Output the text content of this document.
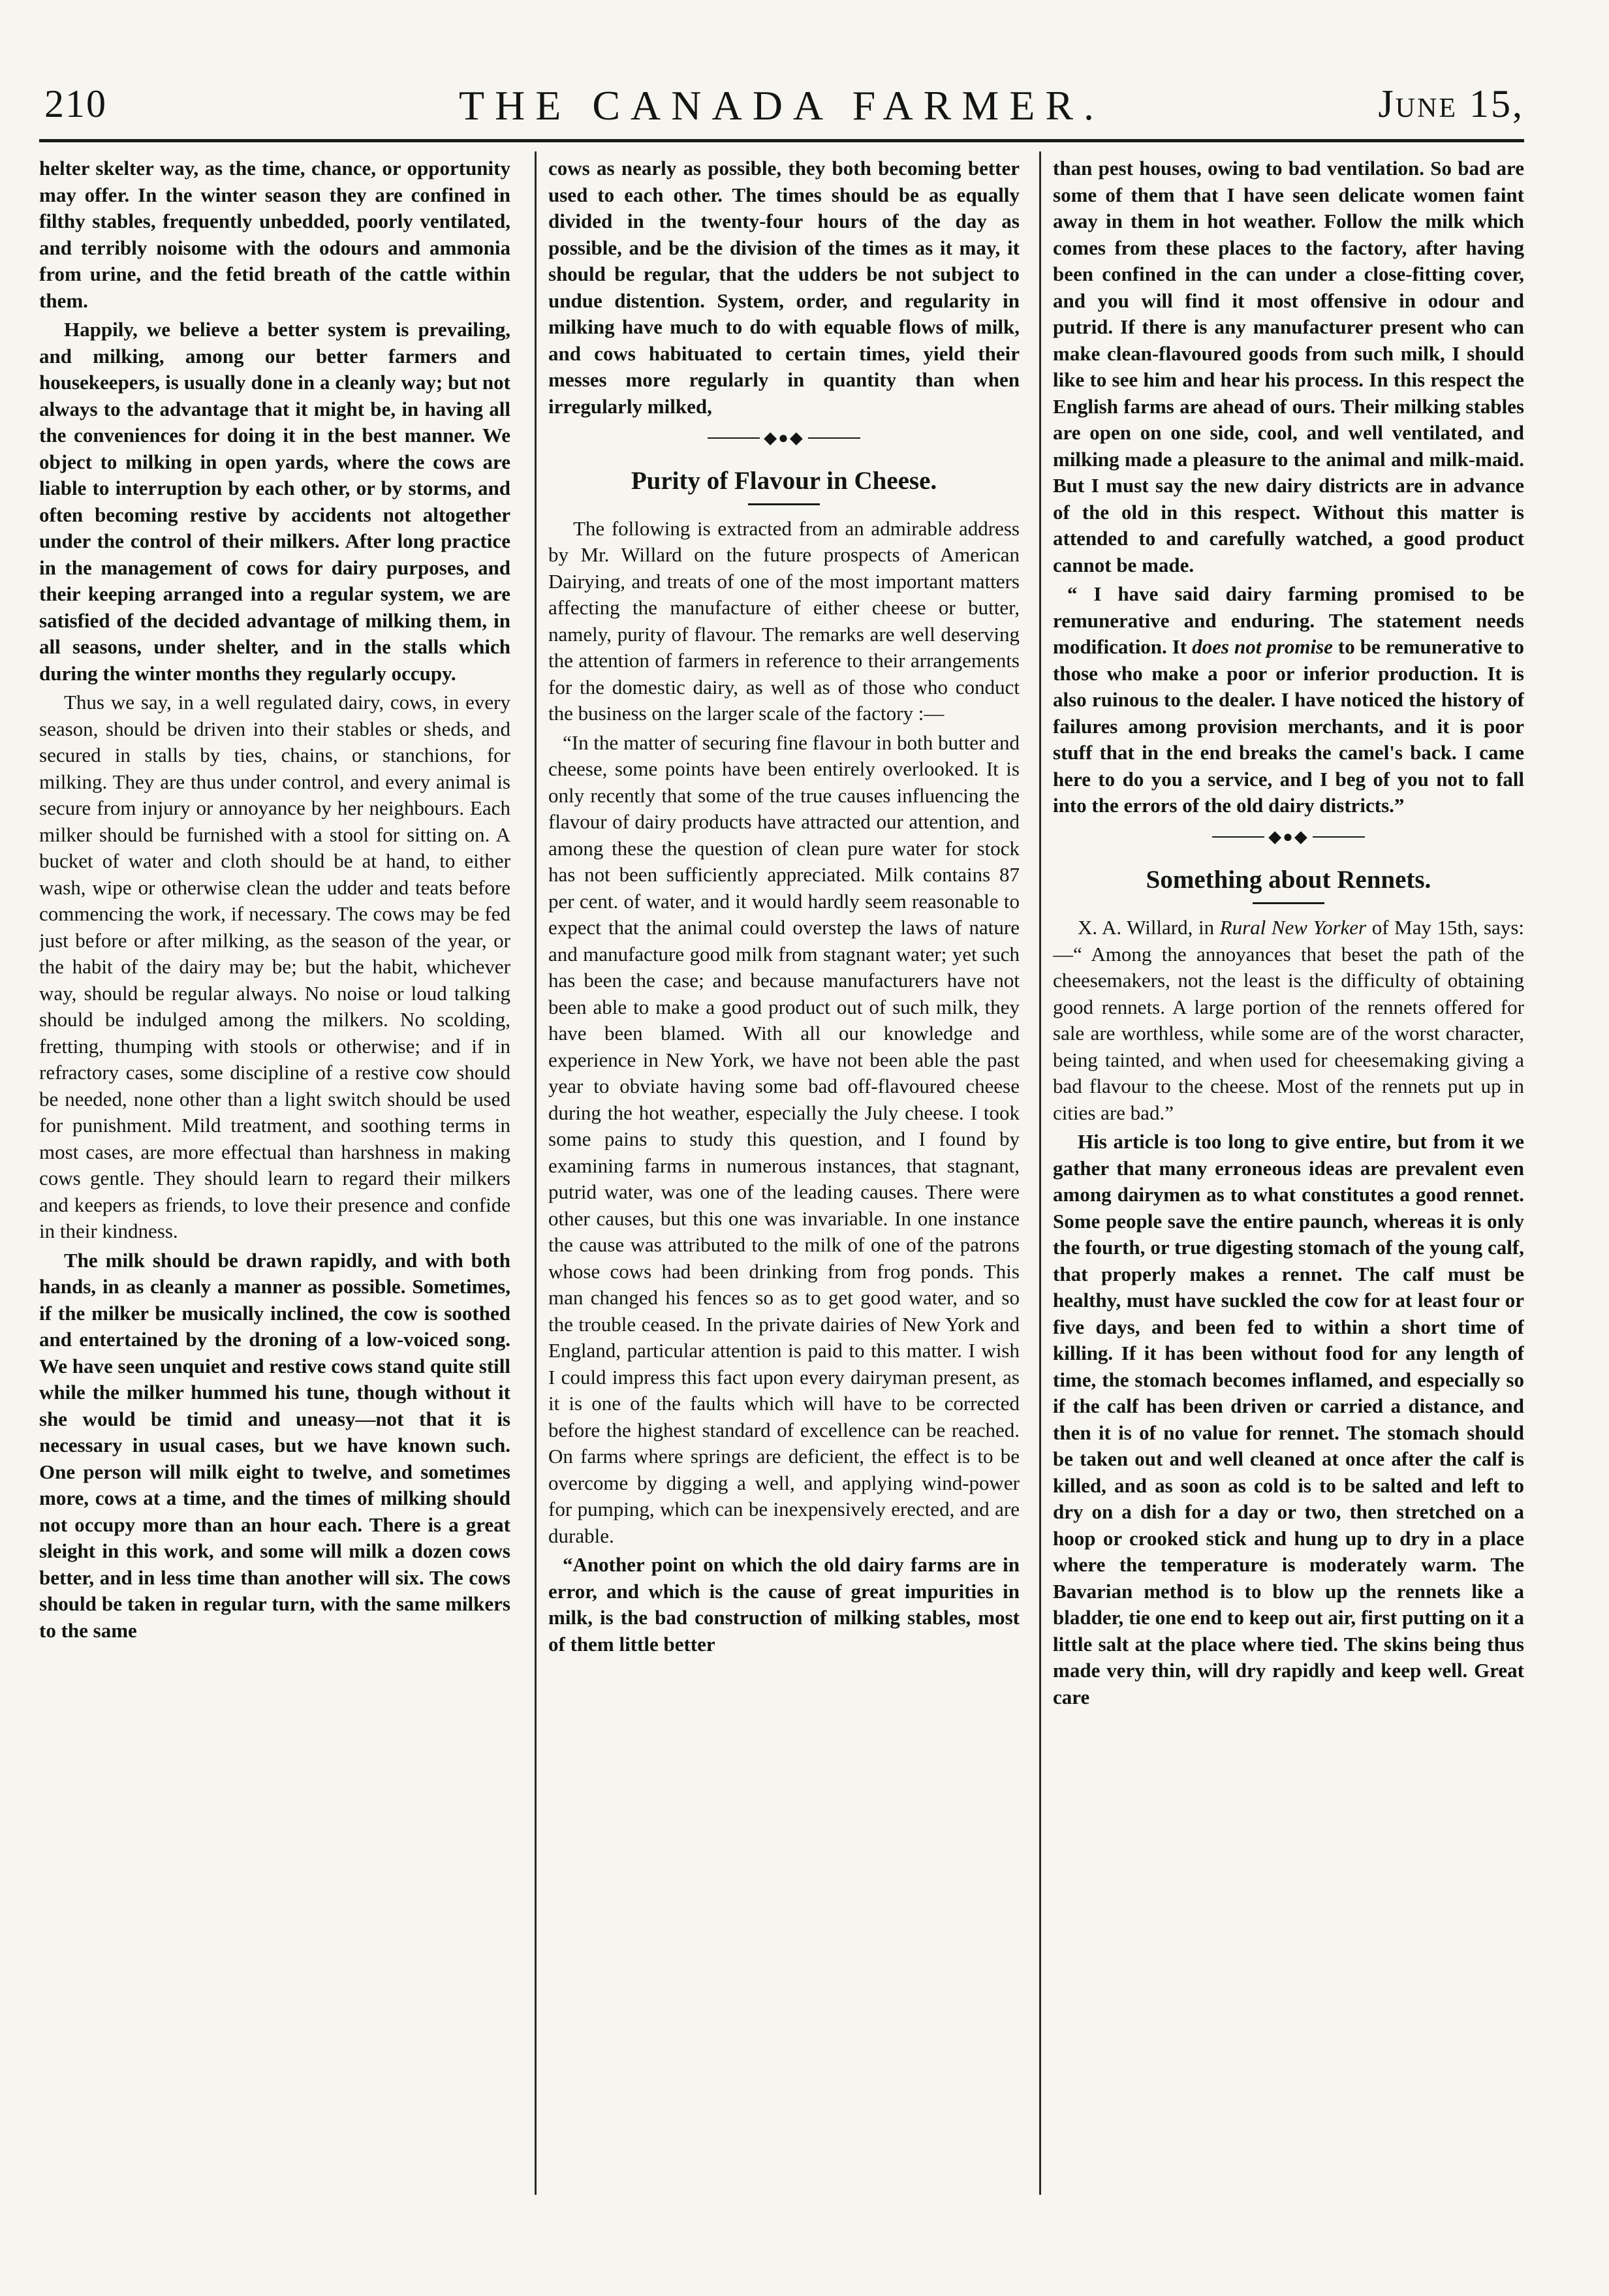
210	THE CANADA FARMER.	June 15,

helter skelter way, as the time, chance, or opportunity may offer. In the winter season they are confined in filthy stables, frequently unbedded, poorly ventilated, and terribly noisome with the odours and ammonia from urine, and the fetid breath of the cattle within them.

Happily, we believe a better system is prevailing, and milking, among our better farmers and housekeepers, is usually done in a cleanly way; but not always to the advantage that it might be, in having all the conveniences for doing it in the best manner. We object to milking in open yards, where the cows are liable to interruption by each other, or by storms, and often becoming restive by accidents not altogether under the control of their milkers. After long practice in the management of cows for dairy purposes, and their keeping arranged into a regular system, we are satisfied of the decided advantage of milking them, in all seasons, under shelter, and in the stalls which during the winter months they regularly occupy.

Thus we say, in a well regulated dairy, cows, in every season, should be driven into their stables or sheds, and secured in stalls by ties, chains, or stanchions, for milking. They are thus under control, and every animal is secure from injury or annoyance by her neighbours. Each milker should be furnished with a stool for sitting on. A bucket of water and cloth should be at hand, to either wash, wipe or otherwise clean the udder and teats before commencing the work, if necessary. The cows may be fed just before or after milking, as the season of the year, or the habit of the dairy may be; but the habit, whichever way, should be regular always. No noise or loud talking should be indulged among the milkers. No scolding, fretting, thumping with stools or otherwise; and if in refractory cases, some discipline of a restive cow should be needed, none other than a light switch should be used for punishment. Mild treatment, and soothing terms in most cases, are more effectual than harshness in making cows gentle. They should learn to regard their milkers and keepers as friends, to love their presence and confide in their kindness.

The milk should be drawn rapidly, and with both hands, in as cleanly a manner as possible. Sometimes, if the milker be musically inclined, the cow is soothed and entertained by the droning of a low-voiced song. We have seen unquiet and restive cows stand quite still while the milker hummed his tune, though without it she would be timid and uneasy—not that it is necessary in usual cases, but we have known such. One person will milk eight to twelve, and sometimes more, cows at a time, and the times of milking should not occupy more than an hour each. There is a great sleight in this work, and some will milk a dozen cows better, and in less time than another will six. The cows should be taken in regular turn, with the same milkers to the same

cows as nearly as possible, they both becoming better used to each other. The times should be as equally divided in the twenty-four hours of the day as possible, and be the division of the times as it may, it should be regular, that the udders be not subject to undue distention. System, order, and regularity in milking have much to do with equable flows of milk, and cows habituated to certain times, yield their messes more regularly in quantity than when irregularly milked,

◆●◆
Purity of Flavour in Cheese.

The following is extracted from an admirable address by Mr. Willard on the future prospects of American Dairying, and treats of one of the most important matters affecting the manufacture of either cheese or butter, namely, purity of flavour. The remarks are well deserving the attention of farmers in reference to their arrangements for the domestic dairy, as well as of those who conduct the business on the larger scale of the factory :—

“In the matter of securing fine flavour in both butter and cheese, some points have been entirely overlooked. It is only recently that some of the true causes influencing the flavour of dairy products have attracted our attention, and among these the question of clean pure water for stock has not been sufficiently appreciated. Milk contains 87 per cent. of water, and it would hardly seem reasonable to expect that the animal could overstep the laws of nature and manufacture good milk from stagnant water; yet such has been the case; and because manufacturers have not been able to make a good product out of such milk, they have been blamed. With all our knowledge and experience in New York, we have not been able the past year to obviate having some bad off-flavoured cheese during the hot weather, especially the July cheese. I took some pains to study this question, and I found by examining farms in numerous instances, that stagnant, putrid water, was one of the leading causes. There were other causes, but this one was invariable. In one instance the cause was attributed to the milk of one of the patrons whose cows had been drinking from frog ponds. This man changed his fences so as to get good water, and so the trouble ceased. In the private dairies of New York and England, particular attention is paid to this matter. I wish I could impress this fact upon every dairyman present, as it is one of the faults which will have to be corrected before the highest standard of excellence can be reached. On farms where springs are deficient, the effect is to be overcome by digging a well, and applying wind-power for pumping, which can be inexpensively erected, and are durable.

“Another point on which the old dairy farms are in error, and which is the cause of great impurities in milk, is the bad construction of milking stables, most of them little better

than pest houses, owing to bad ventilation. So bad are some of them that I have seen delicate women faint away in them in hot weather. Follow the milk which comes from these places to the factory, after having been confined in the can under a close-fitting cover, and you will find it most offensive in odour and putrid. If there is any manufacturer present who can make clean-flavoured goods from such milk, I should like to see him and hear his process. In this respect the English farms are ahead of ours. Their milking stables are open on one side, cool, and well ventilated, and milking made a pleasure to the animal and milk-maid. But I must say the new dairy districts are in advance of the old in this respect. Without this matter is attended to and carefully watched, a good product cannot be made.

“ I have said dairy farming promised to be remunerative and enduring. The statement needs modification. It does not promise to be remunerative to those who make a poor or inferior production. It is also ruinous to the dealer. I have noticed the history of failures among provision merchants, and it is poor stuff that in the end breaks the camel's back. I came here to do you a service, and I beg of you not to fall into the errors of the old dairy districts.”

◆●◆
Something about Rennets.

X. A. Willard, in Rural New Yorker of May 15th, says:—“ Among the annoyances that beset the path of the cheesemakers, not the least is the difficulty of obtaining good rennets. A large portion of the rennets offered for sale are worthless, while some are of the worst character, being tainted, and when used for cheesemaking giving a bad flavour to the cheese. Most of the rennets put up in cities are bad.”

His article is too long to give entire, but from it we gather that many erroneous ideas are prevalent even among dairymen as to what constitutes a good rennet. Some people save the entire paunch, whereas it is only the fourth, or true digesting stomach of the young calf, that properly makes a rennet. The calf must be healthy, must have suckled the cow for at least four or five days, and been fed to within a short time of killing. If it has been without food for any length of time, the stomach becomes inflamed, and especially so if the calf has been driven or carried a distance, and then it is of no value for rennet. The stomach should be taken out and well cleaned at once after the calf is killed, and as soon as cold is to be salted and left to dry on a dish for a day or two, then stretched on a hoop or crooked stick and hung up to dry in a place where the temperature is moderately warm. The Bavarian method is to blow up the rennets like a bladder, tie one end to keep out air, first putting on it a little salt at the place where tied. The skins being thus made very thin, will dry rapidly and keep well. Great care
